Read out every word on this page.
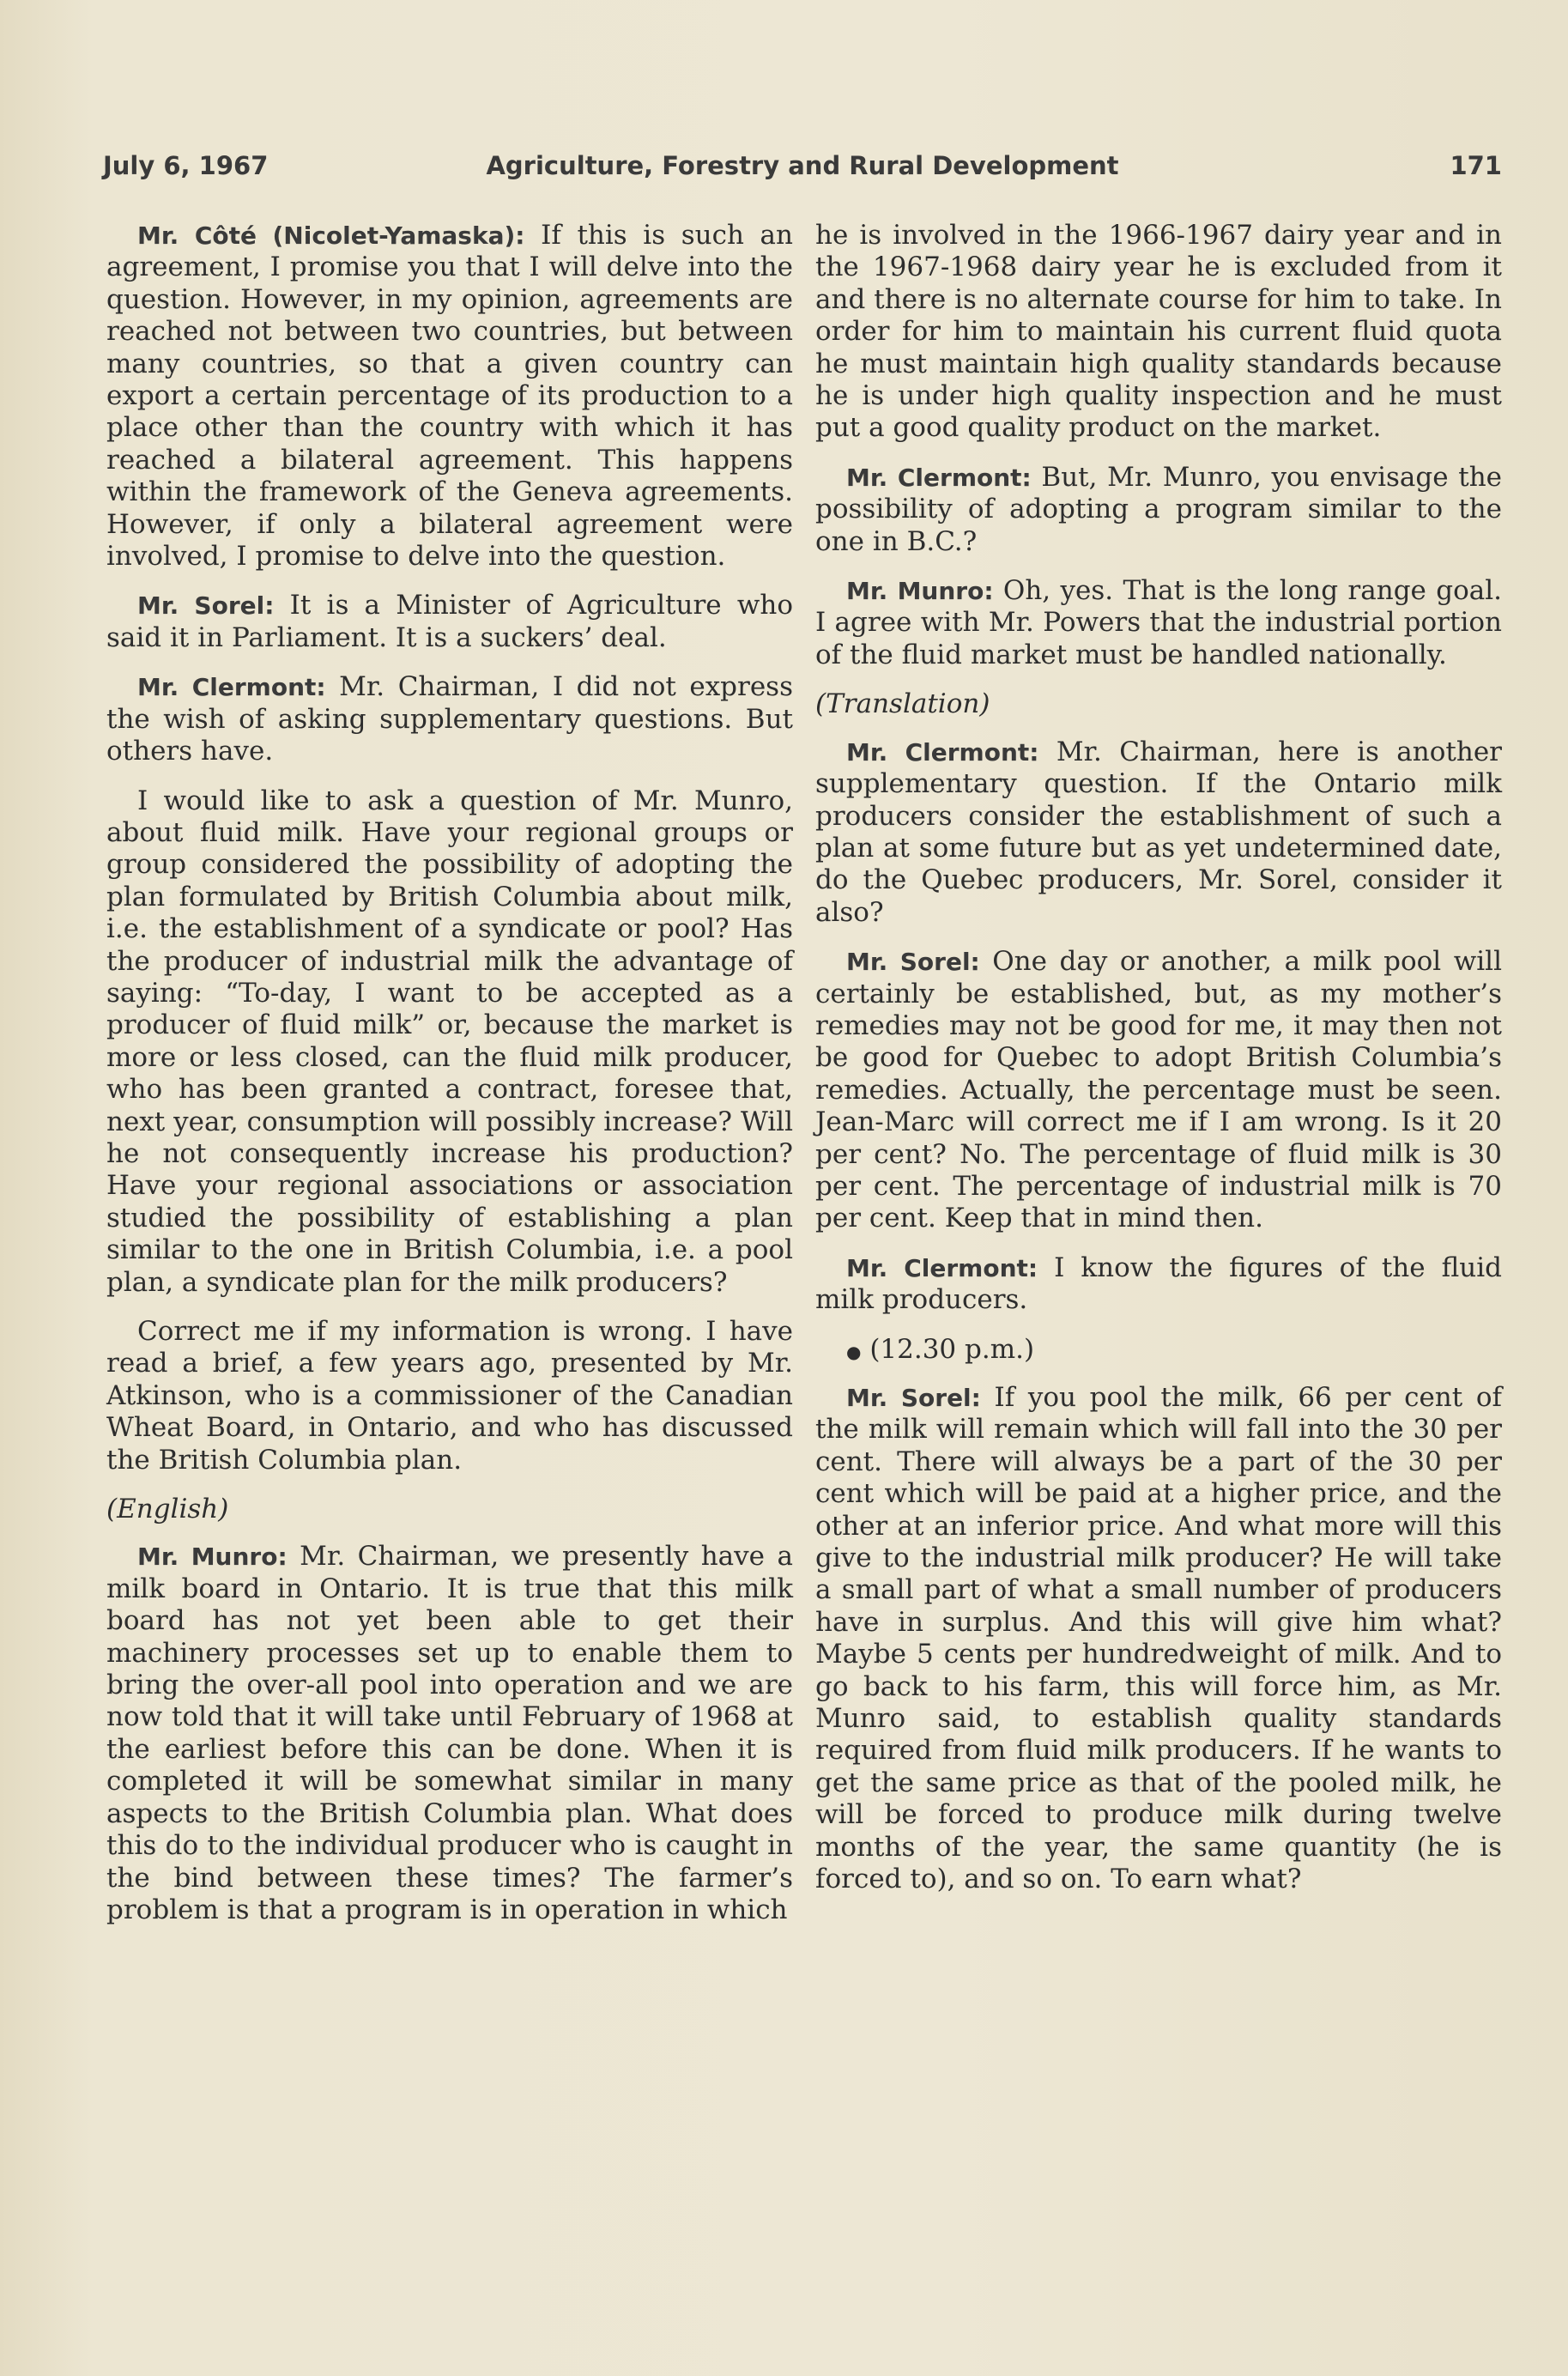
July 6, 1967	Agriculture, Forestry and Rural Development	171

Mr. Côté (Nicolet-Yamaska): If this is such an agreement, I promise you that I will delve into the question. However, in my opinion, agreements are reached not between two countries, but between many countries, so that a given country can export a certain percentage of its production to a place other than the country with which it has reached a bilateral agreement. This happens within the framework of the Geneva agreements. However, if only a bilateral agreement were involved, I promise to delve into the question.

Mr. Sorel: It is a Minister of Agriculture who said it in Parliament. It is a suckers’ deal.

Mr. Clermont: Mr. Chairman, I did not express the wish of asking supplementary questions. But others have.

I would like to ask a question of Mr. Munro, about fluid milk. Have your regional groups or group considered the possibility of adopting the plan formulated by British Columbia about milk, i.e. the establishment of a syndicate or pool? Has the producer of industrial milk the advantage of saying: “To-day, I want to be accepted as a producer of fluid milk” or, because the market is more or less closed, can the fluid milk producer, who has been granted a contract, foresee that, next year, consumption will possibly increase? Will he not consequently increase his production? Have your regional associations or association studied the possibility of establishing a plan similar to the one in British Columbia, i.e. a pool plan, a syndicate plan for the milk producers?

Correct me if my information is wrong. I have read a brief, a few years ago, presented by Mr. Atkinson, who is a commissioner of the Canadian Wheat Board, in Ontario, and who has discussed the British Columbia plan.

(English)

Mr. Munro: Mr. Chairman, we presently have a milk board in Ontario. It is true that this milk board has not yet been able to get their machinery processes set up to enable them to bring the over-all pool into operation and we are now told that it will take until February of 1968 at the earliest before this can be done. When it is completed it will be somewhat similar in many aspects to the British Columbia plan. What does this do to the individual producer who is caught in the bind between these times? The farmer’s problem is that a program is in operation in which

he is involved in the 1966-1967 dairy year and in the 1967-1968 dairy year he is excluded from it and there is no alternate course for him to take. In order for him to maintain his current fluid quota he must maintain high quality standards because he is under high quality inspection and he must put a good quality product on the market.

Mr. Clermont: But, Mr. Munro, you envisage the possibility of adopting a program similar to the one in B.C.?

Mr. Munro: Oh, yes. That is the long range goal. I agree with Mr. Powers that the industrial portion of the fluid market must be handled nationally.

(Translation)

Mr. Clermont: Mr. Chairman, here is another supplementary question. If the Ontario milk producers consider the establishment of such a plan at some future but as yet undetermined date, do the Quebec producers, Mr. Sorel, consider it also?

Mr. Sorel: One day or another, a milk pool will certainly be established, but, as my mother’s remedies may not be good for me, it may then not be good for Quebec to adopt British Columbia’s remedies. Actually, the percentage must be seen. Jean-Marc will correct me if I am wrong. Is it 20 per cent? No. The percentage of fluid milk is 30 per cent. The percentage of industrial milk is 70 per cent. Keep that in mind then.

Mr. Clermont: I know the figures of the fluid milk producers.

● (12.30 p.m.)

Mr. Sorel: If you pool the milk, 66 per cent of the milk will remain which will fall into the 30 per cent. There will always be a part of the 30 per cent which will be paid at a higher price, and the other at an inferior price. And what more will this give to the industrial milk producer? He will take a small part of what a small number of producers have in surplus. And this will give him what? Maybe 5 cents per hundredweight of milk. And to go back to his farm, this will force him, as Mr. Munro said, to establish quality standards required from fluid milk producers. If he wants to get the same price as that of the pooled milk, he will be forced to produce milk during twelve months of the year, the same quantity (he is forced to), and so on. To earn what?
